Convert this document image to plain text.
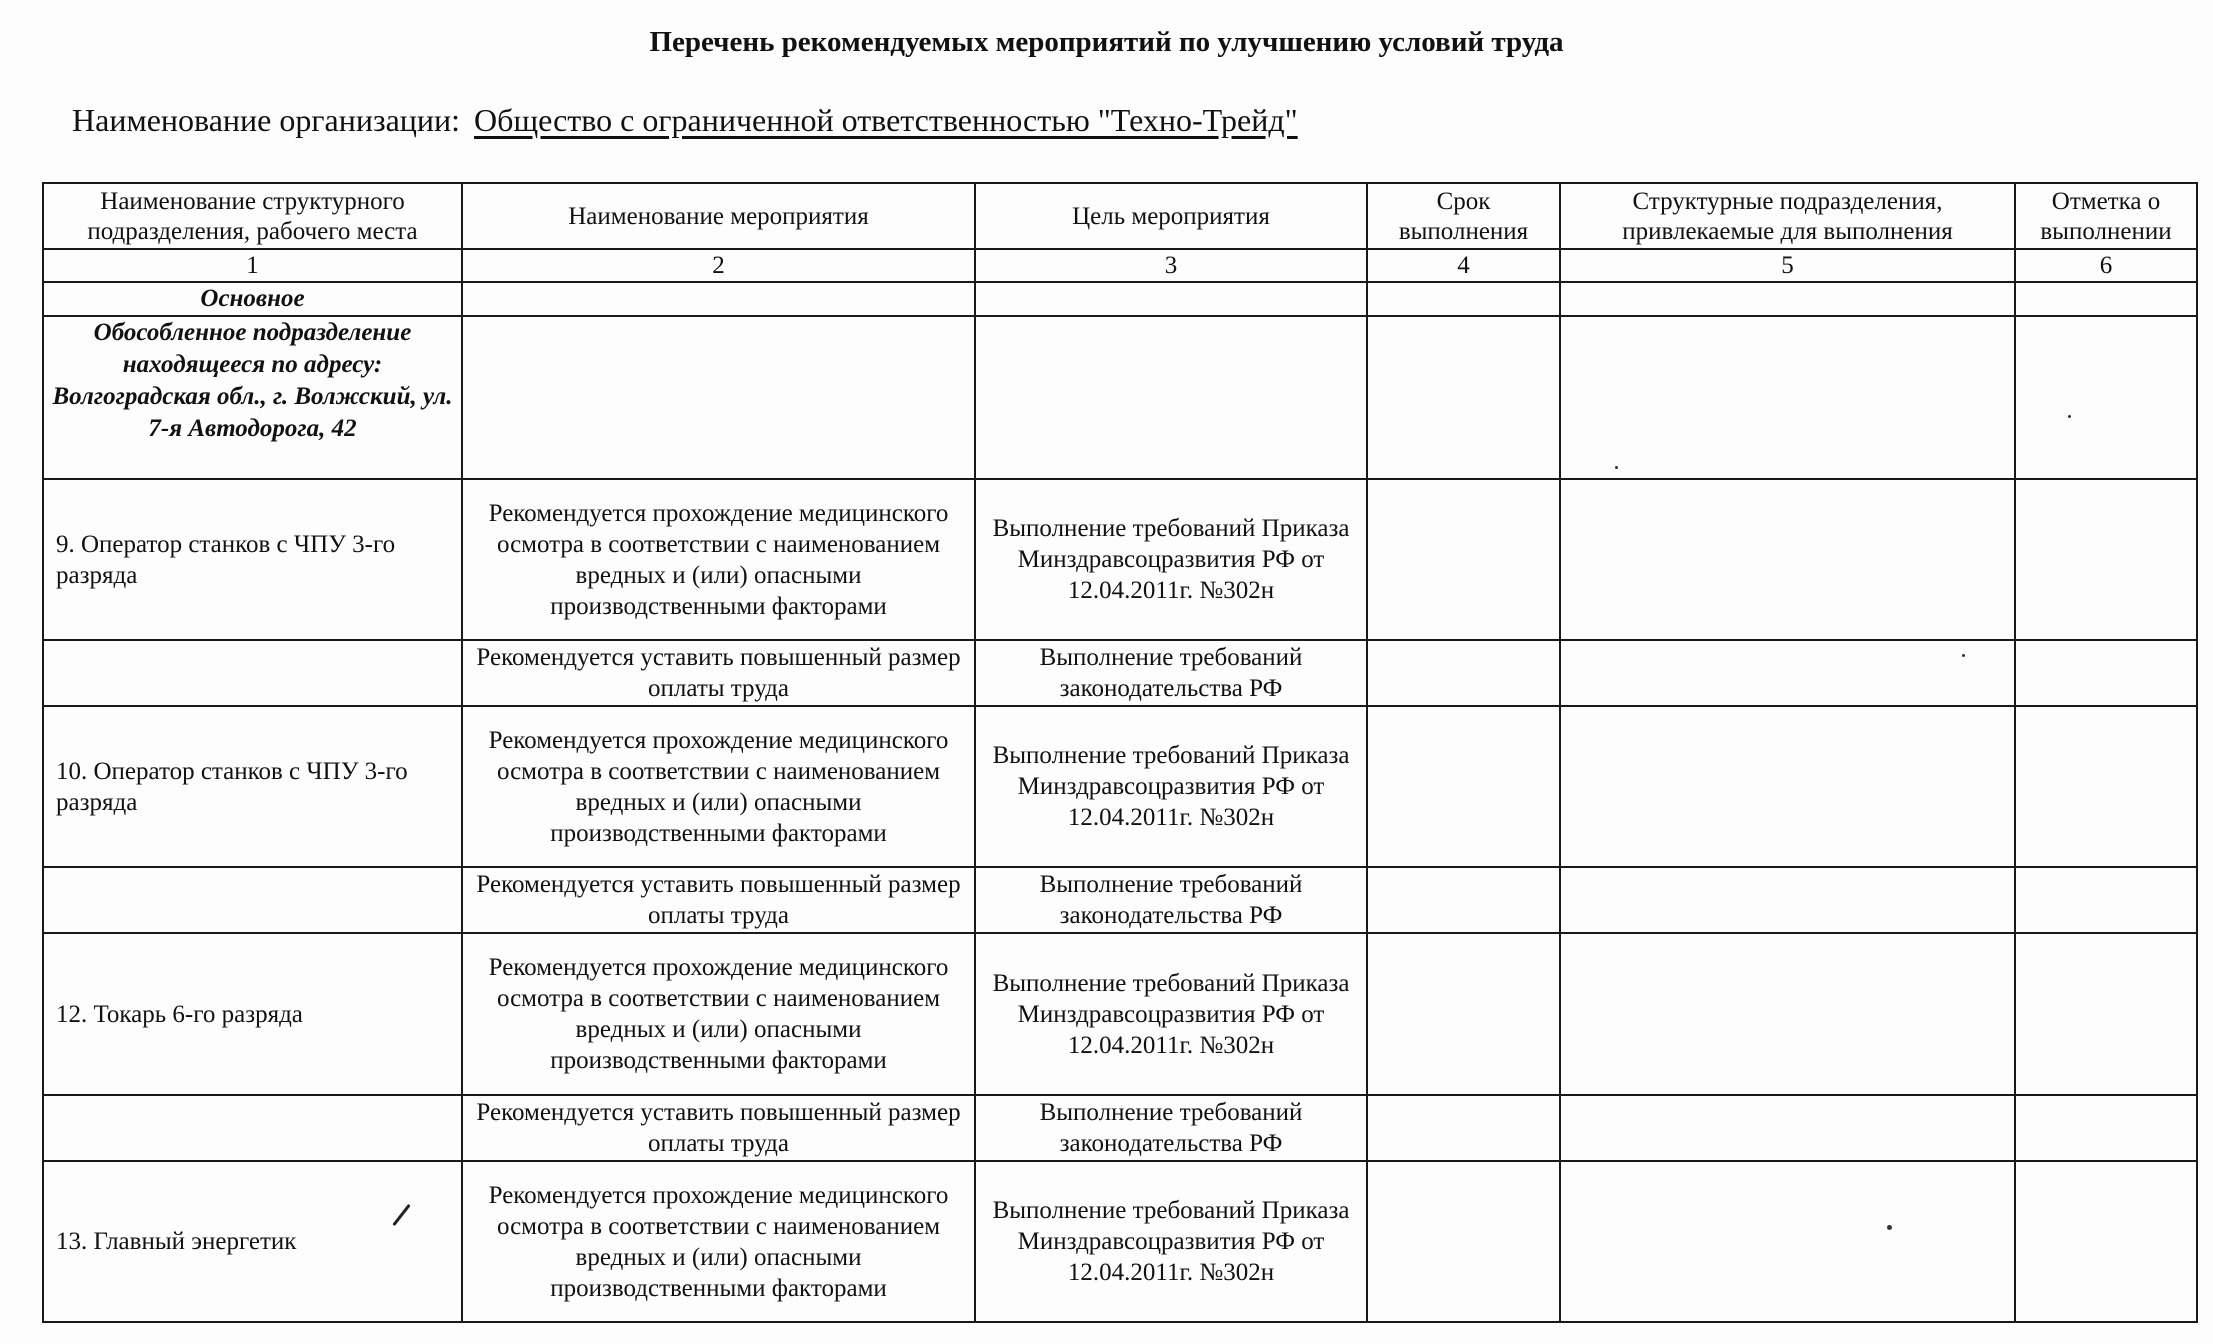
Перечень рекомендуемых мероприятий по улучшению условий труда
Наименование организации: Общество с ограниченной ответственностью "Техно-Трейд"
Наименование структурного подразделения, рабочего места	Наименование мероприятия	Цель мероприятия	Срок выполнения	Структурные подразделения, привлекаемые для выполнения	Отметка о выполнении
1	2	3	4	5	6
Основное					
Обособленное подразделение находящееся по адресу: Волгоградская обл., г. Волжский, ул. 7-я Автодорога, 42					
9. Оператор станков с ЧПУ 3-го разряда	Рекомендуется прохождение медицинского осмотра в соответствии с наименованием вредных и (или) опасными производственными факторами	Выполнение требований Приказа Минздравсоцразвития РФ от 12.04.2011г. №302н			
	Рекомендуется уставить повышенный размер оплаты труда	Выполнение требований законодательства РФ			
10. Оператор станков с ЧПУ 3-го разряда	Рекомендуется прохождение медицинского осмотра в соответствии с наименованием вредных и (или) опасными производственными факторами	Выполнение требований Приказа Минздравсоцразвития РФ от 12.04.2011г. №302н			
	Рекомендуется уставить повышенный размер оплаты труда	Выполнение требований законодательства РФ			
12. Токарь 6-го разряда	Рекомендуется прохождение медицинского осмотра в соответствии с наименованием вредных и (или) опасными производственными факторами	Выполнение требований Приказа Минздравсоцразвития РФ от 12.04.2011г. №302н			
	Рекомендуется уставить повышенный размер оплаты труда	Выполнение требований законодательства РФ			
13. Главный энергетик	Рекомендуется прохождение медицинского осмотра в соответствии с наименованием вредных и (или) опасными производственными факторами	Выполнение требований Приказа Минздравсоцразвития РФ от 12.04.2011г. №302н			
